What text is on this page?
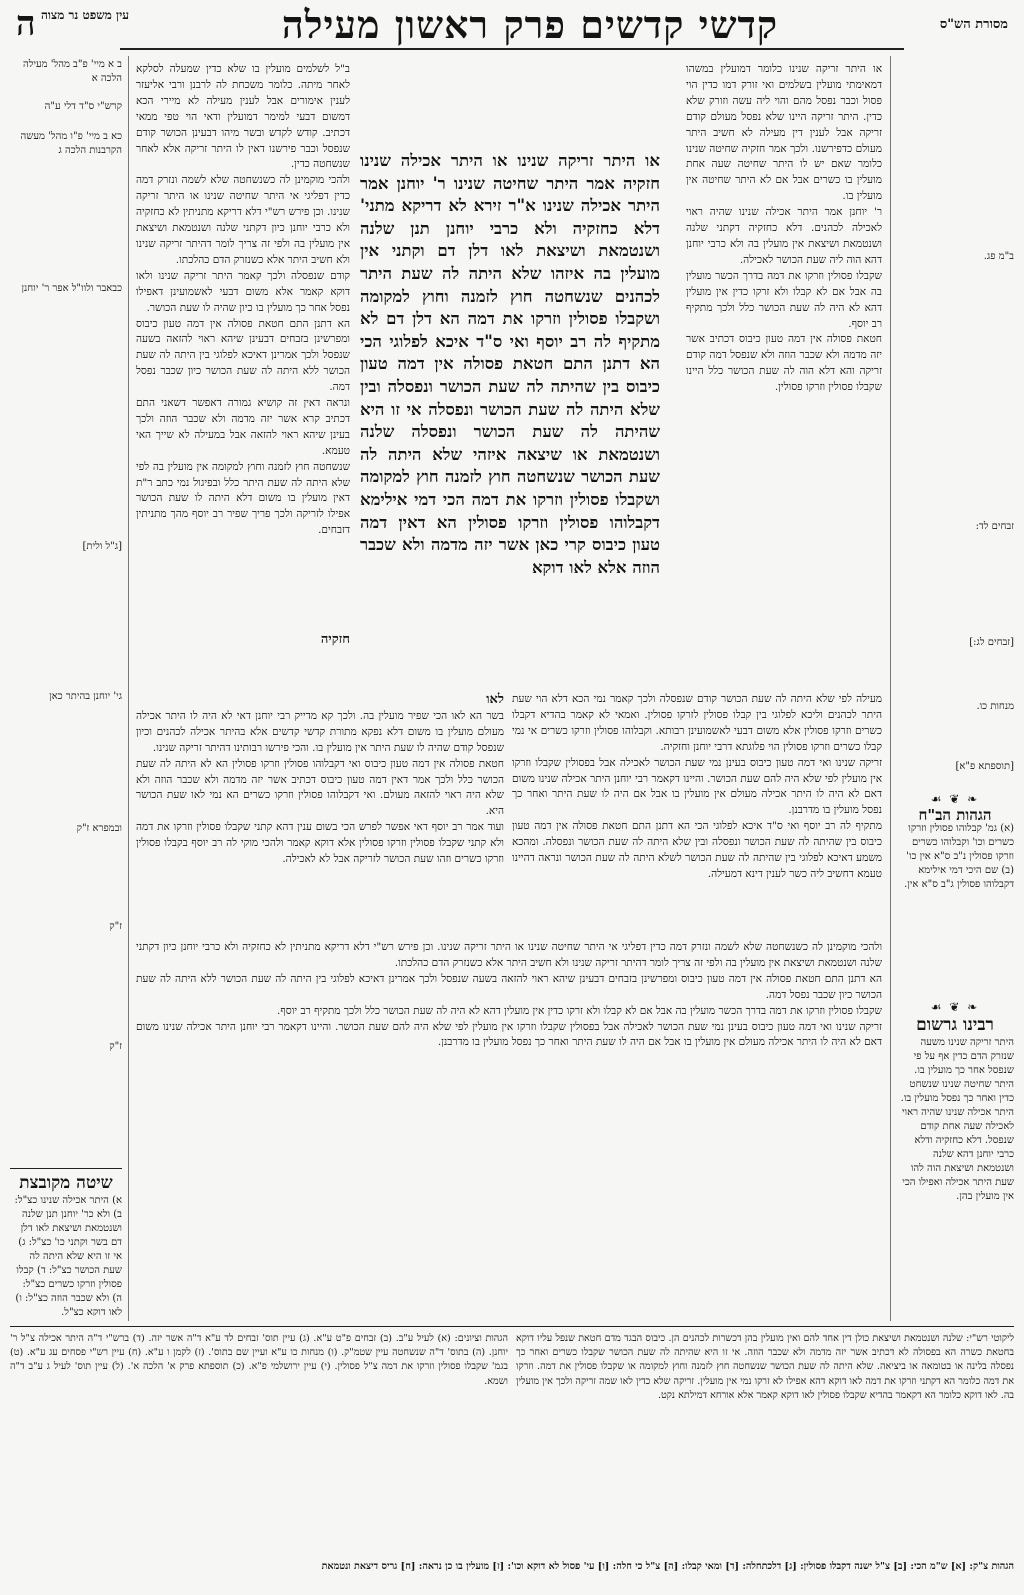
מסורת הש"ס
קדשי קדשים פרק ראשון מעילה
עין משפט נר מצוה
ה

או היתר זריקה שנינו כלומר דמועלין במשהו דמאימתי מועלין בשלמים ואי זורק דמו כדין הוי פסול וכבר נפסל מהם והוי ליה עשה וזורק שלא כדין. היתר זריקה היינו שלא נפסל מעולם קודם זריקה אבל לענין דין מעילה לא חשיב היתר מעולם כדפירשנו. ולכך אמר חזקיה שחיטה שנינו כלומר שאם יש לו היתר שחיטה שעה אחת מועלין בו כשרים אבל אם לא היתר שחיטה אין מועלין בו.

ר' יוחנן אמר היתר אכילה שנינו שהיה ראוי לאכילה לכהנים. דלא כחזקיה דקתני שלנה ושנטמאת ושיצאת אין מועלין בה ולא כרבי יוחנן דהא הוה ליה שעת הכושר לאכילה.

שקבלו פסולין וזרקו את דמה בדרך הכשר מועלין בה אבל אם לא קבלו ולא זרקו כדין אין מועלין דהא לא היה לה שעת הכושר כלל ולכך מתקיף רב יוסף.

חטאת פסולה אין דמה טעון כיבוס דכתיב אשר יזה מדמה ולא שכבר הוזה ולא שנפסל דמה קודם זריקה והא דלא הוה לה שעת הכושר כלל היינו שקבלו פסולין וזרקו פסולין.

או היתר זריקה שנינו או היתר אכילה שנינו חזקיה אמר היתר שחיטה שנינו ר' יוחנן אמר היתר אכילה שנינו א"ר זירא לא דריקא מתני' דלא כחזקיה ולא כרבי יוחנן תנן שלנה ושנטמאת ושיצאת לאו דלן דם וקתני אין מועלין בה איזהו שלא היתה לה שעת היתר לכהנים שנשחטה חוץ לזמנה וחוץ למקומה ושקבלו פסולין וזרקו את דמה הא דלן דם לא מתקיף לה רב יוסף ואי ס"ד איכא לפלוגי הכי הא דתנן התם חטאת פסולה אין דמה טעון כיבוס בין שהיתה לה שעת הכושר ונפסלה ובין שלא היתה לה שעת הכושר ונפסלה אי זו היא שהיתה לה שעת הכושר ונפסלה שלנה ושנטמאת או שיצאה איזהי שלא היתה לה שעת הכושר שנשחטה חוץ לזמנה חוץ למקומה ושקבלו פסולין וזרקו את דמה הכי דמי אילימא דקבלוהו פסולין וזרקו פסולין הא דאין דמה טעון כיבוס קרי כאן אשר יזה מדמה ולא שכבר הוזה אלא לאו דוקא

ב"ל לשלמים מועלין בו שלא כדין שמעלה לסלקא לאחר מיתה. כלומר משכחת לה לרבנן ורבי אליעזר לענין אימורים אבל לענין מעילה לא מיירי הכא דמשום דבעי למימר דמועלין ודאי הוי טפי ממאי דכתיב. קודש לקדש ובשר מיהו דבעינן הכושר קודם שנפסל וכבר פירשנו דאין לו היתר זריקה אלא לאחר שנשחטה כדין.

ולהכי מוקמינן לה כשנשחטה שלא לשמה ונזרק דמה כדין דפליגי אי היתר שחיטה שנינו או היתר זריקה שנינו. וכן פירש רש"י דלא דריקא מתניתין לא כחזקיה ולא כרבי יוחנן כיון דקתני שלנה ושנטמאת ושיצאת אין מועלין בה ולפי זה צריך לומר דהיתר זריקה שנינו ולא חשיב היתר אלא כשנזרק הדם כהלכתו.

קודם שנפסלה ולכך קאמר היתר זריקה שנינו ולאו דוקא קאמר אלא משום דבעי לאשמועינן דאפילו נפסל אחר כך מועלין בו כיון שהיה לו שעת הכושר.

הא דתנן התם חטאת פסולה אין דמה טעון כיבוס ומפרשינן בזבחים דבעינן שיהא ראוי להזאה בשעה שנפסל ולכך אמרינן דאיכא לפלוגי בין היתה לה שעת הכושר ללא היתה לה שעת הכושר כיון שכבר נפסל דמה.

ונראה דאין זה קושיא גמורה דאפשר דשאני התם דכתיב קרא אשר יזה מדמה ולא שכבר הוזה ולכך בעינן שיהא ראוי להזאה אבל במעילה לא שייך האי טעמא.

שנשחטה חוץ לזמנה וחוץ למקומה אין מועלין בה לפי שלא היתה לה שעת היתר כלל ובפיגול נמי כתב ר"ת דאין מועלין בו משום דלא היתה לו שעת הכושר אפילו לזריקה ולכך פריך שפיר רב יוסף מהך מתניתין דזבחים.

חזקיה

מעילה לפי שלא היתה לה שעת הכושר קודם שנפסלה ולכך קאמר נמי הכא דלא הוי שעת היתר לכהנים וליכא לפלוגי בין קבלו פסולין לזרקו פסולין. ואמאי לא קאמר בהדיא דקבלו כשרים וזרקו פסולין אלא משום דבעי לאשמועינן רבותא. וקבלוהו פסולין וזרקו כשרים אי נמי קבלו כשרים וזרקו פסולין הוי פלוגתא דרבי יוחנן וחזקיה.

זריקה שנינו ואי דמה טעון כיבוס בעינן נמי שעת הכושר לאכילה אבל בפסולין שקבלו וזרקו אין מועלין לפי שלא היה להם שעת הכושר. והיינו דקאמר רבי יוחנן היתר אכילה שנינו משום דאם לא היה לו היתר אכילה מעולם אין מועלין בו אבל אם היה לו שעת היתר ואחר כך נפסל מועלין בו מדרבנן.

מתקיף לה רב יוסף ואי ס"ד איכא לפלוגי הכי הא דתנן התם חטאת פסולה אין דמה טעון כיבוס בין שהיתה לה שעת הכושר ונפסלה ובין שלא היתה לה שעת הכושר ונפסלה. ומהכא משמע דאיכא לפלוגי בין שהיתה לה שעת הכושר לשלא היתה לה שעת הכושר ונראה דהיינו טעמא דחשיב ליה כשר לענין דינא דמעילה.

לאו

בשר הא לאו הכי שפיר מועלין בה. ולכך קא מדייק רבי יוחנן דאי לא היה לו היתר אכילה מעולם מועלין בו משום דלא נפקא מתורת קדשי קדשים אלא בהיתר אכילה לכהנים וכיון שנפסל קודם שהיה לו שעת היתר אין מועלין בו. והכי פירשו רבותינו דהיתר זריקה שנינו.

חטאת פסולה אין דמה טעון כיבוס ואי דקבלוהו פסולין וזרקו פסולין הא לא היתה לה שעת הכושר כלל ולכך אמר דאין דמה טעון כיבוס דכתיב אשר יזה מדמה ולא שכבר הוזה ולא שלא היה ראוי להזאה מעולם. ואי דקבלוהו פסולין וזרקו כשרים הא נמי לאו שעת הכושר היא.

ועוד אמר רב יוסף דאי אפשר לפרש הכי בשום ענין דהא קתני שקבלו פסולין וזרקו את דמה ולא קתני שקבלו פסולין וזרקו פסולין אלא דוקא קאמר ולהכי מוקי לה רב יוסף בקבלו פסולין וזרקו כשרים וזהו שעת הכושר לזריקה אבל לא לאכילה.

ולהכי מוקמינן לה כשנשחטה שלא לשמה ונזרק דמה כדין דפליגי אי היתר שחיטה שנינו או היתר זריקה שנינו. וכן פירש רש"י דלא דריקא מתניתין לא כחזקיה ולא כרבי יוחנן כיון דקתני שלנה ושנטמאת ושיצאת אין מועלין בה ולפי זה צריך לומר דהיתר זריקה שנינו ולא חשיב היתר אלא כשנזרק הדם כהלכתו.

הא דתנן התם חטאת פסולה אין דמה טעון כיבוס ומפרשינן בזבחים דבעינן שיהא ראוי להזאה בשעה שנפסל ולכך אמרינן דאיכא לפלוגי בין היתה לה שעת הכושר ללא היתה לה שעת הכושר כיון שכבר נפסל דמה.

שקבלו פסולין וזרקו את דמה בדרך הכשר מועלין בה אבל אם לא קבלו ולא זרקו כדין אין מועלין דהא לא היה לה שעת הכושר כלל ולכך מתקיף רב יוסף.

זריקה שנינו ואי דמה טעון כיבוס בעינן נמי שעת הכושר לאכילה אבל בפסולין שקבלו וזרקו אין מועלין לפי שלא היה להם שעת הכושר. והיינו דקאמר רבי יוחנן היתר אכילה שנינו משום דאם לא היה לו היתר אכילה מעולם אין מועלין בו אבל אם היה לו שעת היתר ואחר כך נפסל מועלין בו מדרבנן.

ב"מ פג.
זבחים לד:
[זבחים לג:]
מנחות כו.
[תוספתא פ"א]
❧ ❦ ☙
הגהות הב"ח
(א) גמ' קבלוהו פסולין וזרקו כשרים וכו' וקבלוהו כשרים וזרקו פסולין נ"ב ס"א אין כו' (ב) שם היכי דמי אילימא דקבלוהו פסולין ג"ב ס"א אין.
❧ ❦ ☙
רבינו גרשום
היתר זריקה שנינו משעה שנזרק הדם כדין אף על פי שנפסל אחר כך מועלין בו. היתר שחיטה שנינו שנשחט כדין ואחר כך נפסל מועלין בו. היתר אכילה שנינו שהיה ראוי לאכילה שעה אחת קודם שנפסל. דלא כחזקיה ודלא כרבי יוחנן דהא שלנה ושנטמאת ושיצאת הוה להו שעת היתר אכילה ואפילו הכי אין מועלין בהן.
ב א מיי' פ"ב מהל' מעילה הלכה א
קרש"י ס"ד דלי ע"ה
כא ב מיי' פ"ו מהל' מעשה הקרבנות הלכה ג
כבאבר ולוו"ל אפר ר' יוחנן
[ג"ל ולית]
גי' יוחנן בהיתר כאן
ובמפרא ז"ק
ז"ק
ז"ק
שיטה מקובצת
א) היתר אכילה שנינו כצ"ל: ב) ולא כר' יוחנן תנן שלנה ושנטמאת ושיצאת לאו דלן דם בשר וקתני כו' כצ"ל: ג) אי זו היא שלא היתה לה שעת הכושר כצ"ל: ד) קבלו פסולין וזרקו כשרים כצ"ל: ה) ולא שכבר הוזה כצ"ל: ו) לאו דוקא כצ"ל.

ליקוטי רש"י: שלנה ושנטמאת ושיצאת כולן דין אחד להם ואין מועלין בהן דכשרות לכהנים הן. כיבוס הבגד מדם חטאת שנפל עליו דוקא בחטאת כשרה הא בפסולה לא דכתיב אשר יזה מדמה ולא שכבר הוזה. אי זו היא שהיתה לה שעת הכושר שקבלו כשרים ואחר כך נפסלה בלינה או בטומאה או ביציאה. שלא היתה לה שעת הכושר שנשחטה חוץ לזמנה וחוץ למקומה או שקבלו פסולין את דמה. וזרקו את דמה כלומר הא דקתני וזרקו את דמה לאו דוקא דהא אפילו לא זרקו נמי אין מועלין. זריקה שלא כדין לאו שמה זריקה ולכך אין מועלין בה. לאו דוקא כלומר הא דקאמר בהדיא שקבלו פסולין לאו דוקא קאמר אלא אורחא דמילתא נקט.

הגהות וציונים: (א) לעיל ע"ב. (ב) זבחים פ"ט ע"א. (ג) עיין תוס' זבחים לד ע"א ד"ה אשר יזה. (ד) ברש"י ד"ה היתר אכילה צ"ל ר' יוחנן. (ה) בתוס' ד"ה שנשחטה עיין שטמ"ק. (ו) מנחות כו ע"א ועיין שם בתוס'. (ז) לקמן ו ע"א. (ח) עיין רש"י פסחים עג ע"א. (ט) בגמ' שקבלו פסולין וזרקו את דמה צ"ל פסולין. (י) עיין ירושלמי פ"א. (כ) תוספתא פרק א' הלכה א'. (ל) עיין תוס' לעיל ג ע"ב ד"ה ושמא.

הגהות צ"ק: [א] ש"מ הכי: [ב] צ"ל ישנה דקבלו פסולין: [ג] דלכתחלה: [ד] ומאי קבלו: [ה] צ"ל כי חלה: [ו] עי' פסול לא דוקא וכו': [ז] מועלין בו כן נראה: [ח] גריס דיצאת ונטמאת
